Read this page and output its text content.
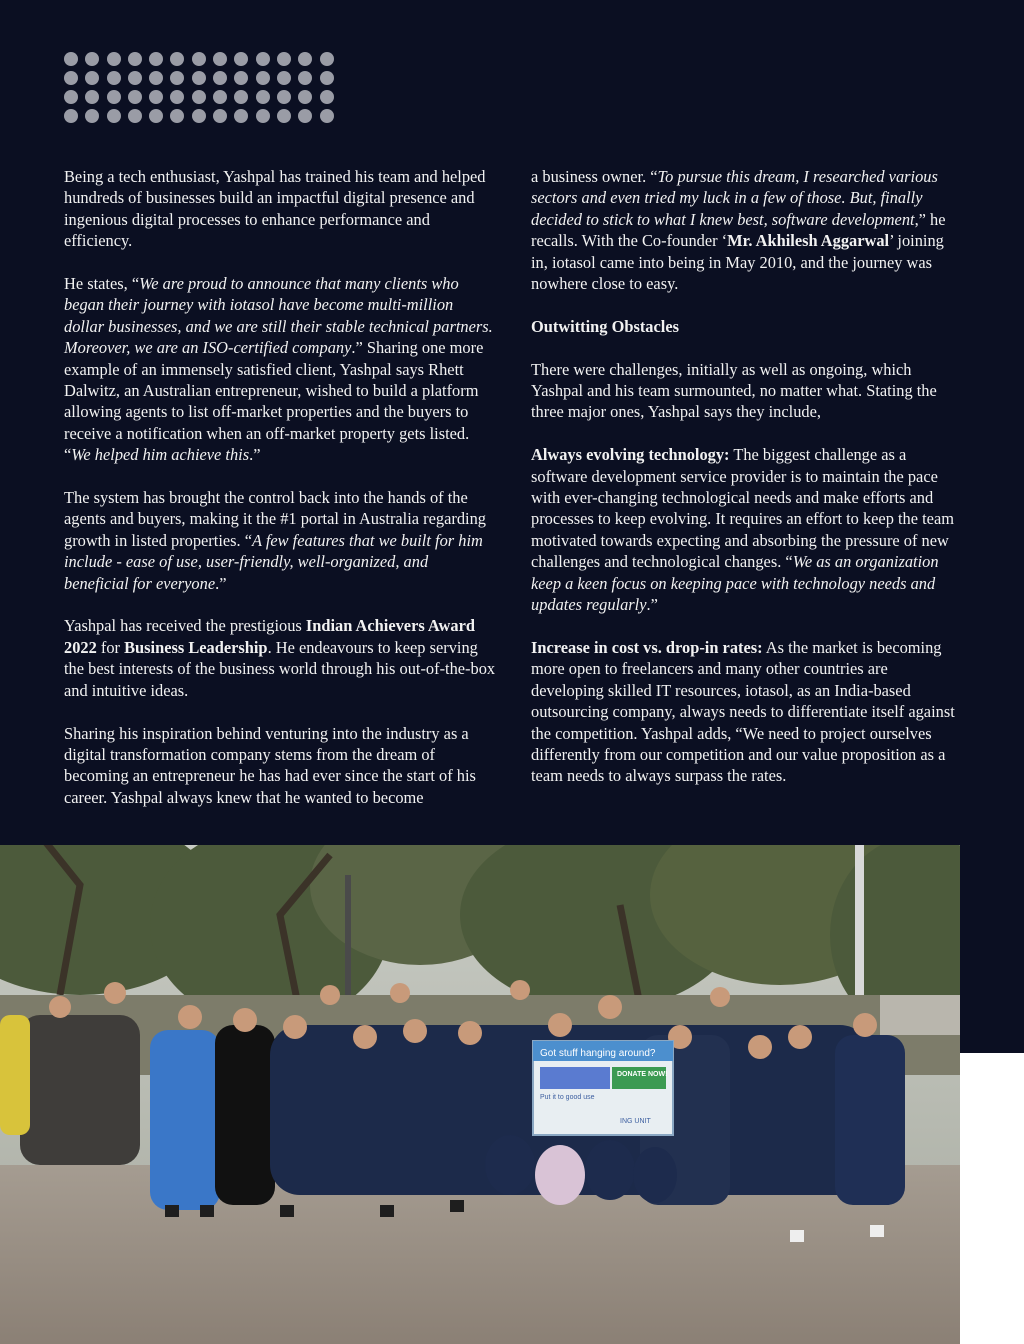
Being a tech enthusiast, Yashpal has trained his team and helped hundreds of businesses build an impactful digital presence and ingenious digital processes to enhance performance and efficiency.

He states, “We are proud to announce that many clients who began their journey with iotasol have become multi-million dollar businesses, and we are still their stable technical partners. Moreover, we are an ISO-certified company.” Sharing one more example of an immensely satisfied client, Yashpal says Rhett Dalwitz, an Australian entrepreneur, wished to build a platform allowing agents to list off-market properties and the buyers to receive a notification when an off-market property gets listed. “We helped him achieve this.”

The system has brought the control back into the hands of the agents and buyers, making it the #1 portal in Australia regarding growth in listed properties. “A few features that we built for him include - ease of use, user-friendly, well-organized, and beneficial for everyone.”

Yashpal has received the prestigious Indian Achievers Award 2022 for Business Leadership. He endeavours to keep serving the best interests of the business world through his out-of-the-box and intuitive ideas.

Sharing his inspiration behind venturing into the industry as a digital transformation company stems from the dream of becoming an entrepreneur he has had ever since the start of his career. Yashpal always knew that he wanted to become

a business owner. “To pursue this dream, I researched various sectors and even tried my luck in a few of those. But, finally decided to stick to what I knew best, software development,” he recalls. With the Co-founder ‘Mr. Akhilesh Aggarwal’ joining in, iotasol came into being in May 2010, and the journey was nowhere close to easy.

Outwitting Obstacles

There were challenges, initially as well as ongoing, which Yashpal and his team surmounted, no matter what. Stating the three major ones, Yashpal says they include,

Always evolving technology: The biggest challenge as a software development service provider is to maintain the pace with ever-changing technological needs and make efforts and processes to keep evolving. It requires an effort to keep the team motivated towards expecting and absorbing the pressure of new challenges and technological changes. “We as an organization keep a keen focus on keeping pace with technology needs and updates regularly.”

Increase in cost vs. drop-in rates: As the market is becoming more open to freelancers and many other countries are developing skilled IT resources, iotasol, as an India-based outsourcing company, always needs to differentiate itself against the competition. Yashpal adds, “We need to project ourselves differently from our competition and our value proposition as a team needs to always surpass the rates.

Got stuff hanging around?
DONATE NOW!
Put it to good use
ING UNIT
